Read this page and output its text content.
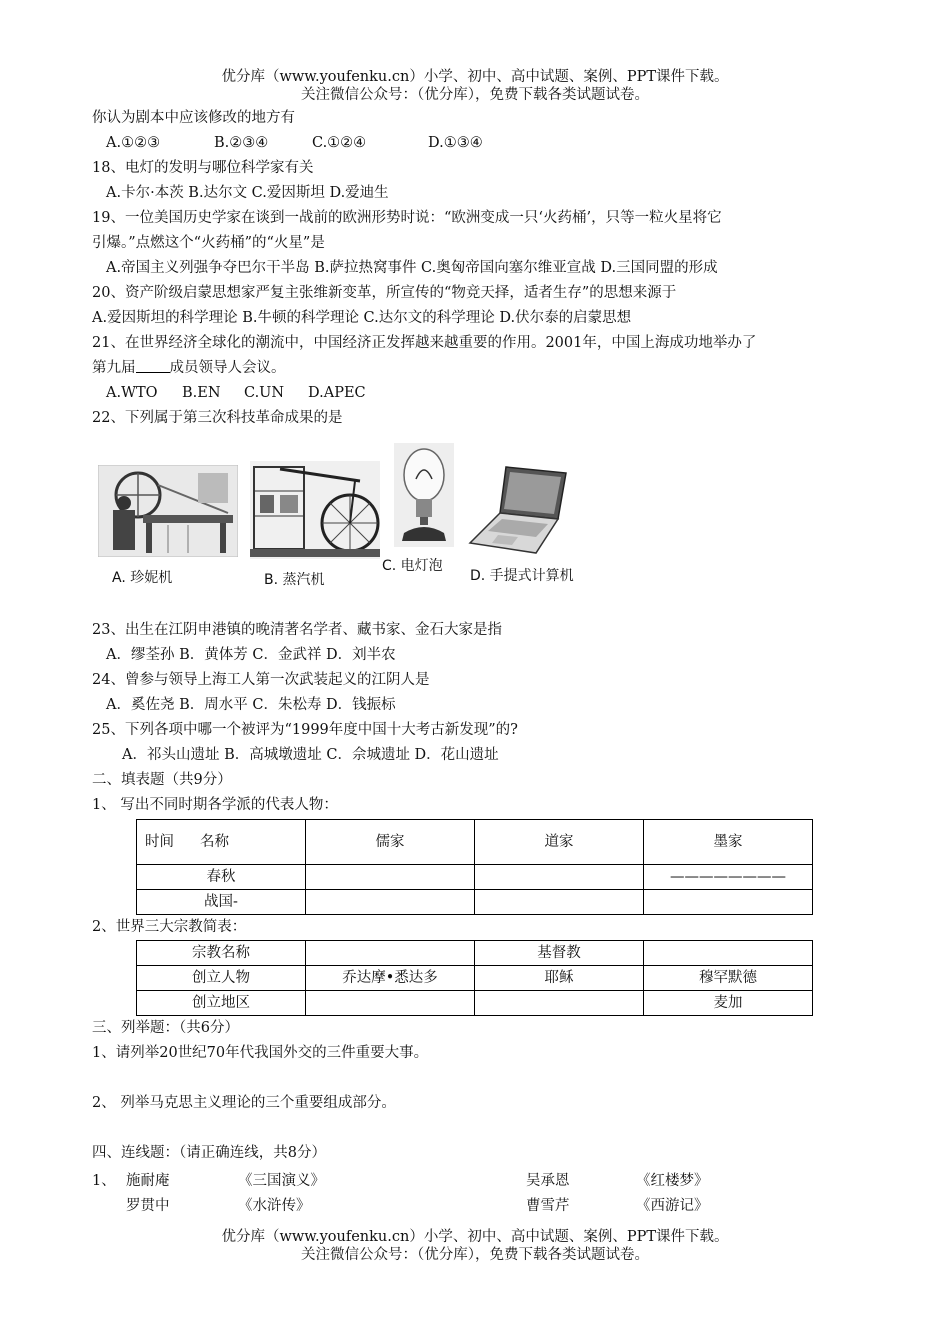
优分库（www.youfenku.cn）小学、初中、高中试题、案例、PPT课件下载。
关注微信公众号：（优分库），免费下载各类试题试卷。
你认为剧本中应该修改的地方有
A.①②③	B.②③④	C.①②④	D.①③④
18、电灯的发明与哪位科学家有关
A.卡尔·本茨 B.达尔文 C.爱因斯坦 D.爱迪生
19、一位美国历史学家在谈到一战前的欧洲形势时说：“欧洲变成一只‘火药桶’，只等一粒火星将它
引爆。”点燃这个“火药桶”的“火星”是
A.帝国主义列强争夺巴尔干半岛 B.萨拉热窝事件 C.奥匈帝国向塞尔维亚宣战 D.三国同盟的形成
20、资产阶级启蒙思想家严复主张维新变革，所宣传的“物竞天择，适者生存”的思想来源于
A.爱因斯坦的科学理论 B.牛顿的科学理论 C.达尔文的科学理论 D.伏尔泰的启蒙思想
21、在世界经济全球化的潮流中，中国经济正发挥越来越重要的作用。2001年，中国上海成功地举办了
第九届 成员领导人会议。
A.WTO B.EN C.UN D.APEC
22、下列属于第三次科技革命成果的是
A. 珍妮机	B. 蒸汽机
C. 电灯泡
D. 手提式计算机
23、出生在江阴申港镇的晚清著名学者、藏书家、金石大家是指
A．缪荃孙 B．黄体芳 C．金武祥 D．刘半农
24、曾参与领导上海工人第一次武装起义的江阴人是
A．奚佐尧 B．周水平 C．朱松寿 D．钱振标
25、下列各项中哪一个被评为“1999年度中国十大考古新发现”的?
A．祁头山遗址 B．高城墩遗址 C．佘城遗址 D．花山遗址
二、填表题（共9分）
1、 写出不同时期各学派的代表人物：
时间 名称	儒家	道家	墨家
春秋			————————
战国-			
2、世界三大宗教简表：
宗教名称		基督教	
创立人物	乔达摩•悉达多	耶稣	穆罕默德
创立地区			麦加
三、列举题：（共6分）
1、请列举20世纪70年代我国外交的三件重要大事。
2、 列举马克思主义理论的三个重要组成部分。
四、连线题：（请正确连线，共8分）
1、 施耐庵	《三国演义》	吴承恩	《红楼梦》
罗贯中	《水浒传》	曹雪芹	《西游记》
优分库（www.youfenku.cn）小学、初中、高中试题、案例、PPT课件下载。
关注微信公众号：（优分库），免费下载各类试题试卷。
